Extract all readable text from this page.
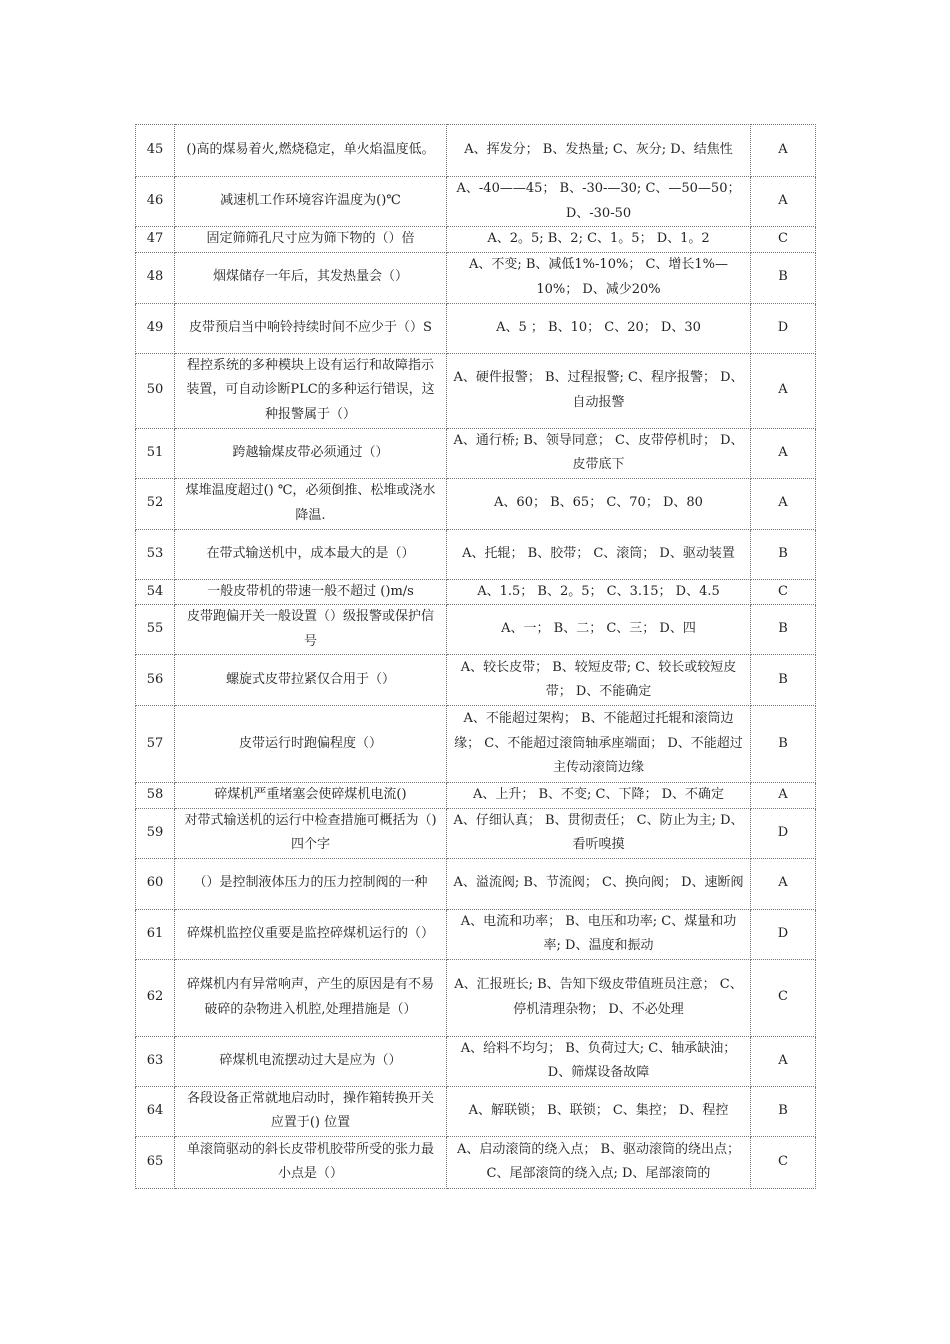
45	()高的煤易着火,燃烧稳定，单火焰温度低。	A、挥发分； B、发热量; C、灰分; D、结焦性	A
46	减速机工作环境容许温度为()℃	A、-40——45； B、-30-—30; C、—50—50； D、-30-50	A
47	固定筛筛孔尺寸应为筛下物的（）倍	A、2。5; B、2; C、1。5； D、1。2	C
48	烟煤储存一年后，其发热量会（）	A、不变; B、减低1%-10%； C、增长1%—10%； D、减少20%	B
49	皮带预启当中响铃持续时间不应少于（）S	A、5 ； B、10； C、20； D、30	D
50	程控系统的多种模块上设有运行和故障指示装置，可自动诊断PLC的多种运行错误，这种报警属于（）	A、硬件报警； B、过程报警; C、程序报警； D、自动报警	A
51	跨越输煤皮带必须通过（）	A、通行桥; B、领导同意； C、皮带停机时； D、皮带底下	A
52	煤堆温度超过() ℃，必须倒推、松堆或浇水降温.	A、60； B、65； C、70； D、80	A
53	在带式输送机中，成本最大的是（）	A、托辊； B、胶带； C、滚筒； D、驱动装置	B
54	一般皮带机的带速一般不超过 ()m/s	A、1.5； B、2。5； C、3.15； D、4.5	C
55	皮带跑偏开关一般设置（）级报警或保护信号	A、一； B、二； C、三； D、四	B
56	螺旋式皮带拉紧仅合用于（）	A、较长皮带； B、较短皮带; C、较长或较短皮带； D、不能确定	B
57	皮带运行时跑偏程度（）	A、不能超过架构； B、不能超过托辊和滚筒边缘； C、不能超过滚筒轴承座端面； D、不能超过主传动滚筒边缘	B
58	碎煤机严重堵塞会使碎煤机电流()	A、上升； B、不变; C、下降； D、不确定	A
59	对带式输送机的运行中检查措施可概括为（)四个字	A、仔细认真； B、贯彻责任； C、防止为主; D、看听嗅摸	D
60	（）是控制液体压力的压力控制阀的一种	A、溢流阀; B、节流阀； C、换向阀； D、速断阀	A
61	碎煤机监控仪重要是监控碎煤机运行的（）	A、电流和功率； B、电压和功率; C、煤量和功率; D、温度和振动	D
62	碎煤机内有异常响声，产生的原因是有不易破碎的杂物进入机腔,处理措施是（）	A、汇报班长; B、告知下级皮带值班员注意； C、停机清理杂物； D、不必处理	C
63	碎煤机电流摆动过大是应为（）	A、给料不均匀； B、负荷过大; C、轴承缺油； D、筛煤设备故障	A
64	各段设备正常就地启动时，操作箱转换开关应置于() 位置	A、解联锁； B、联锁； C、集控； D、程控	B
65	单滚筒驱动的斜长皮带机胶带所受的张力最小点是（）	A、启动滚筒的绕入点； B、驱动滚筒的绕出点； C、尾部滚筒的绕入点; D、尾部滚筒的	C
